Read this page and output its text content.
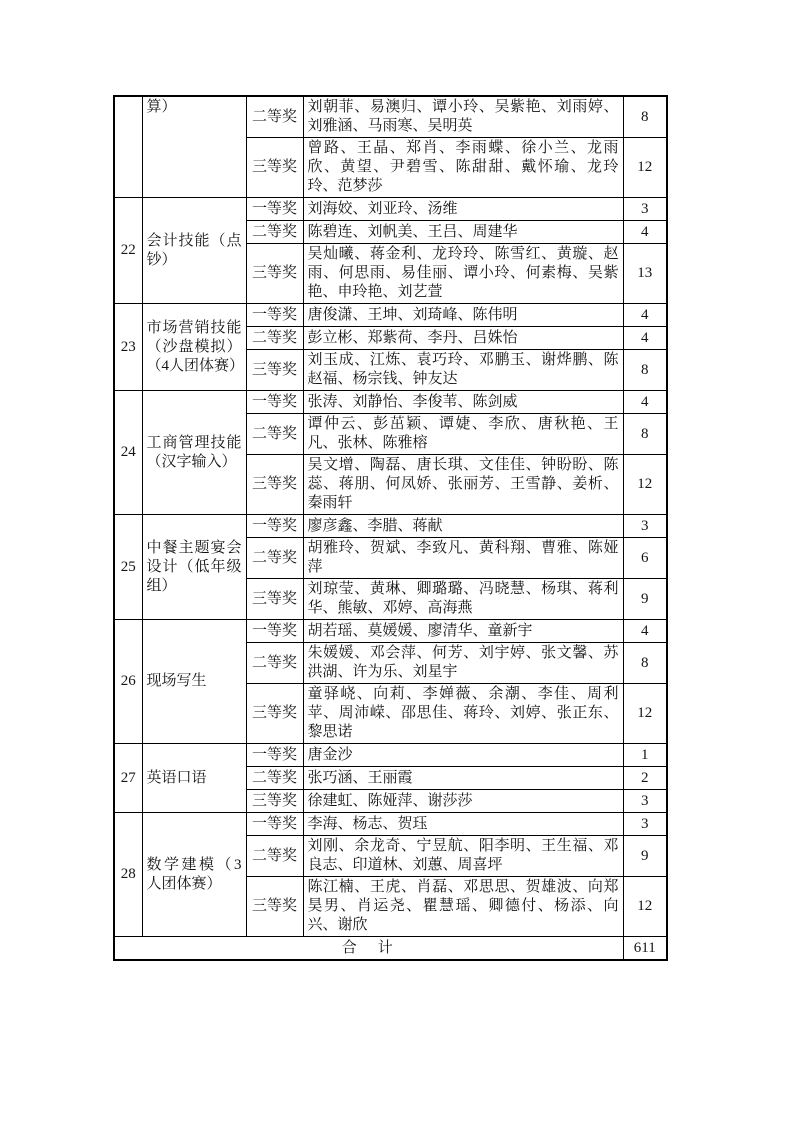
	算）	二等奖	刘朝菲、易澳归、谭小玲、吴紫艳、刘雨婷、刘雅涵、马雨寒、吴明英	8
		三等奖	曾路、王晶、郑肖、李雨蝶、徐小兰、龙雨欣、黄望、尹碧雪、陈甜甜、戴怀瑜、龙玲玲、范梦莎	12
22	会计技能（点钞）	一等奖	刘海姣、刘亚玲、汤维	3
		二等奖	陈碧连、刘帆美、王吕、周建华	4
		三等奖	吴灿曦、蒋金利、龙玲玲、陈雪红、黄璇、赵雨、何思雨、易佳丽、谭小玲、何素梅、吴紫艳、申玲艳、刘艺萱	13
23	市场营销技能（沙盘模拟）（4人团体赛）	一等奖	唐俊潇、王坤、刘琦峰、陈伟明	4
		二等奖	彭立彬、郑紫荷、李丹、吕姝怡	4
		三等奖	刘玉成、江炼、袁巧玲、邓鹏玉、谢烨鹏、陈赵福、杨宗钱、钟友达	8
24	工商管理技能（汉字输入）	一等奖	张涛、刘静怡、李俊苇、陈剑威	4
		二等奖	谭仲云、彭茁颖、谭婕、李欣、唐秋艳、王凡、张林、陈雅榕	8
		三等奖	吴文增、陶磊、唐长琪、文佳佳、钟盼盼、陈蕊、蒋朋、何凤娇、张丽芳、王雪静、姜析、秦雨轩	12
25	中餐主题宴会设计（低年级组）	一等奖	廖彦鑫、李腊、蒋献	3
		二等奖	胡雅玲、贺斌、李致凡、黄科翔、曹雅、陈娅萍	6
		三等奖	刘琼莹、黄琳、卿璐璐、冯晓慧、杨琪、蒋利华、熊敏、邓婷、高海燕	9
26	现场写生	一等奖	胡若瑶、莫媛媛、廖清华、童新宇	4
		二等奖	朱媛媛、邓会萍、何芳、刘宇婷、张文馨、苏洪湖、许为乐、刘星宇	8
		三等奖	童驿峣、向莉、李婵薇、余潮、李佳、周利苹、周沛嵘、邵思佳、蒋玲、刘婷、张正东、黎思诺	12
27	英语口语	一等奖	唐金沙	1
		二等奖	张巧涵、王丽霞	2
		三等奖	徐建虹、陈娅萍、谢莎莎	3
28	数学建模（3人团体赛）	一等奖	李海、杨志、贺珏	3
		二等奖	刘刚、余龙奇、宁昱航、阳李明、王生福、邓良志、印道林、刘蕙、周喜坪	9
		三等奖	陈江楠、王虎、肖磊、邓思思、贺雄波、向郑昊男、肖运尧、瞿慧瑶、卿德付、杨添、向兴、谢欣	12
合　计				611
